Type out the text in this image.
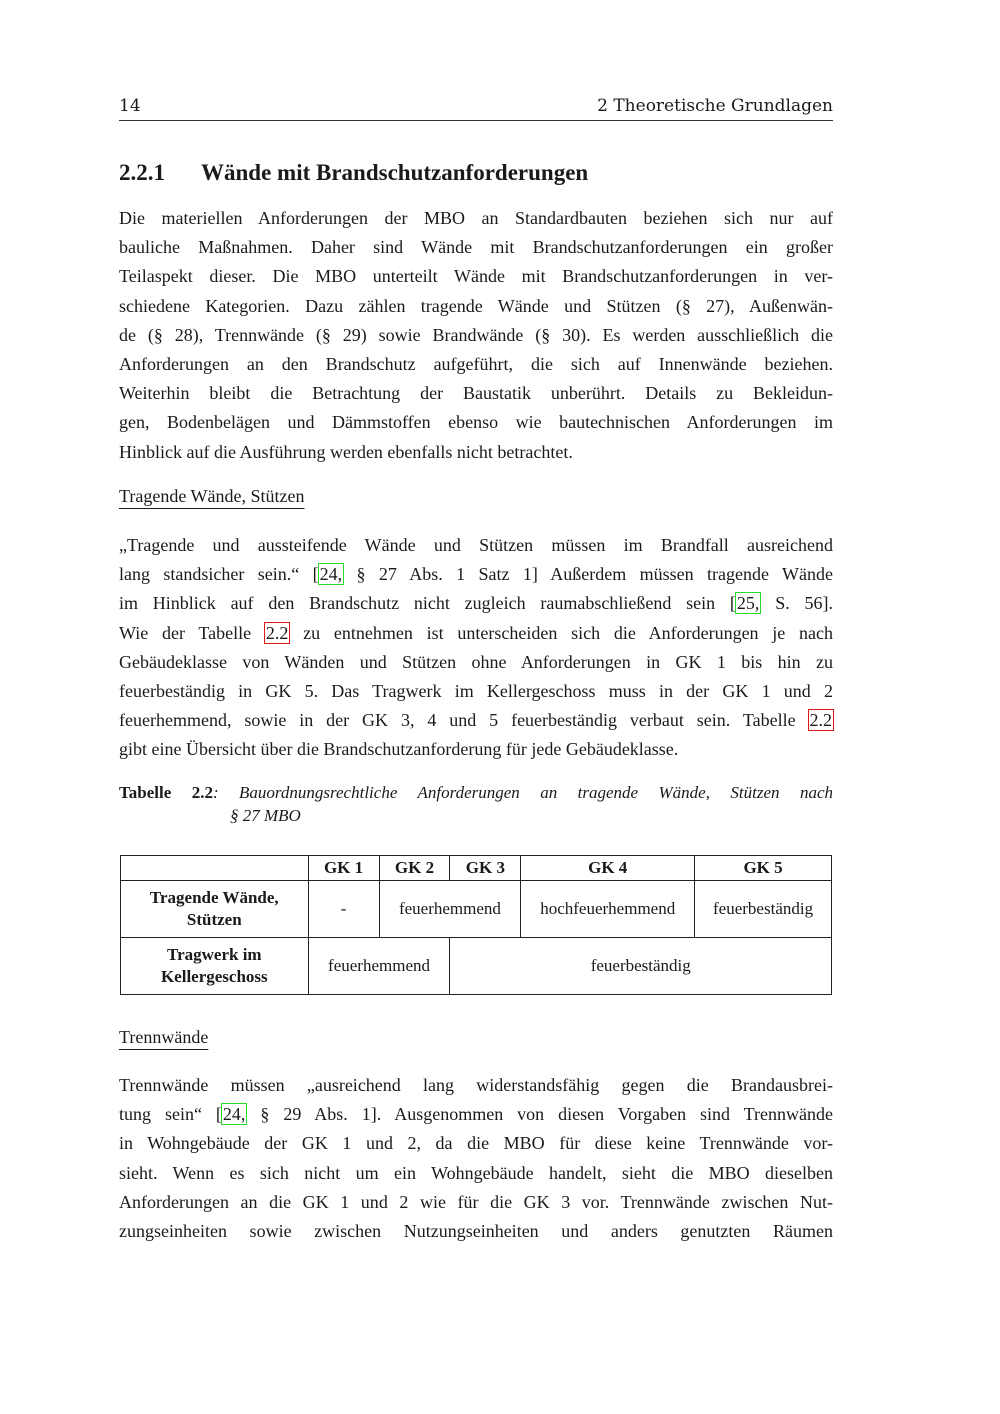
14	2 Theoretische Grundlagen
2.2.1 Wände mit Brandschutzanforderungen
Die materiellen Anforderungen der MBO an Standardbauten beziehen sich nur auf
bauliche Maßnahmen. Daher sind Wände mit Brandschutzanforderungen ein großer
Teilaspekt dieser. Die MBO unterteilt Wände mit Brandschutzanforderungen in ver-
schiedene Kategorien. Dazu zählen tragende Wände und Stützen (§ 27), Außenwän-
de (§ 28), Trennwände (§ 29) sowie Brandwände (§ 30). Es werden ausschließlich die
Anforderungen an den Brandschutz aufgeführt, die sich auf Innenwände beziehen.
Weiterhin bleibt die Betrachtung der Baustatik unberührt. Details zu Bekleidun-
gen, Bodenbelägen und Dämmstoffen ebenso wie bautechnischen Anforderungen im
Hinblick auf die Ausführung werden ebenfalls nicht betrachtet.
Tragende Wände, Stützen
„Tragende und aussteifende Wände und Stützen müssen im Brandfall ausreichend
lang standsicher sein.“ [24, § 27 Abs. 1 Satz 1] Außerdem müssen tragende Wände
im Hinblick auf den Brandschutz nicht zugleich raumabschließend sein [25, S. 56].
Wie der Tabelle 2.2 zu entnehmen ist unterscheiden sich die Anforderungen je nach
Gebäudeklasse von Wänden und Stützen ohne Anforderungen in GK 1 bis hin zu
feuerbeständig in GK 5. Das Tragwerk im Kellergeschoss muss in der GK 1 und 2
feuerhemmend, sowie in der GK 3, 4 und 5 feuerbeständig verbaut sein. Tabelle 2.2
gibt eine Übersicht über die Brandschutzanforderung für jede Gebäudeklasse.
Tabelle 2.2: Bauordnungsrechtliche Anforderungen an tragende Wände, Stützen nach
§ 27 MBO
	GK 1	GK 2	GK 3	GK 4	GK 5

Tragende Wände,
Stützen	-	feuerhemmend		hochfeuerhemmend	feuerbeständig

Tragwerk im
Kellergeschoss	feuerhemmend		feuerbeständig		
Trennwände
Trennwände müssen „ausreichend lang widerstandsfähig gegen die Brandausbrei-
tung sein“ [24, § 29 Abs. 1]. Ausgenommen von diesen Vorgaben sind Trennwände
in Wohngebäude der GK 1 und 2, da die MBO für diese keine Trennwände vor-
sieht. Wenn es sich nicht um ein Wohngebäude handelt, sieht die MBO dieselben
Anforderungen an die GK 1 und 2 wie für die GK 3 vor. Trennwände zwischen Nut-
zungseinheiten sowie zwischen Nutzungseinheiten und anders genutzten Räumen
